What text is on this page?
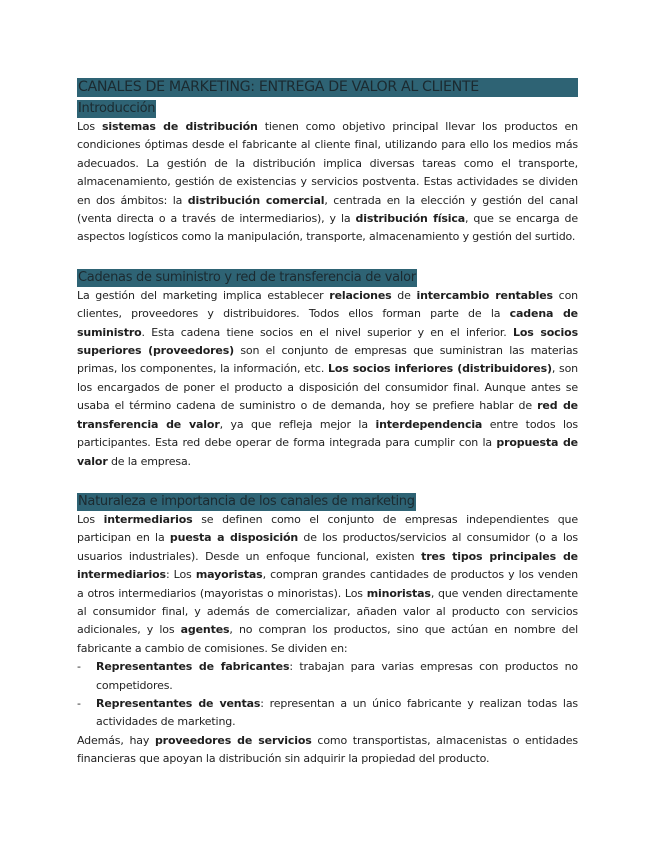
CANALES DE MARKETING: ENTREGA DE VALOR AL CLIENTE
Introducción

Los sistemas de distribución tienen como objetivo principal llevar los productos en condiciones óptimas desde el fabricante al cliente final, utilizando para ello los medios más adecuados. La gestión de la distribución implica diversas tareas como el transporte, almacenamiento, gestión de existencias y servicios postventa. Estas actividades se dividen en dos ámbitos: la distribución comercial, centrada en la elección y gestión del canal (venta directa o a través de intermediarios), y la distribución física, que se encarga de aspectos logísticos como la manipulación, transporte, almacenamiento y gestión del surtido.

Cadenas de suministro y red de transferencia de valor

La gestión del marketing implica establecer relaciones de intercambio rentables con clientes, proveedores y distribuidores. Todos ellos forman parte de la cadena de suministro. Esta cadena tiene socios en el nivel superior y en el inferior. Los socios superiores (proveedores) son el conjunto de empresas que suministran las materias primas, los componentes, la información, etc. Los socios inferiores (distribuidores), son los encargados de poner el producto a disposición del consumidor final. Aunque antes se usaba el término cadena de suministro o de demanda, hoy se prefiere hablar de red de transferencia de valor, ya que refleja mejor la interdependencia entre todos los participantes. Esta red debe operar de forma integrada para cumplir con la propuesta de valor de la empresa.

Naturaleza e importancia de los canales de marketing

Los intermediarios se definen como el conjunto de empresas independientes que participan en la puesta a disposición de los productos/servicios al consumidor (o a los usuarios industriales). Desde un enfoque funcional, existen tres tipos principales de intermediarios: Los mayoristas, compran grandes cantidades de productos y los venden a otros intermediarios (mayoristas o minoristas). Los minoristas, que venden directamente al consumidor final, y además de comercializar, añaden valor al producto con servicios adicionales, y los agentes, no compran los productos, sino que actúan en nombre del fabricante a cambio de comisiones. Se dividen en:

- Representantes de fabricantes: trabajan para varias empresas con productos no competidores.
- Representantes de ventas: representan a un único fabricante y realizan todas las actividades de marketing.

Además, hay proveedores de servicios como transportistas, almacenistas o entidades financieras que apoyan la distribución sin adquirir la propiedad del producto.
